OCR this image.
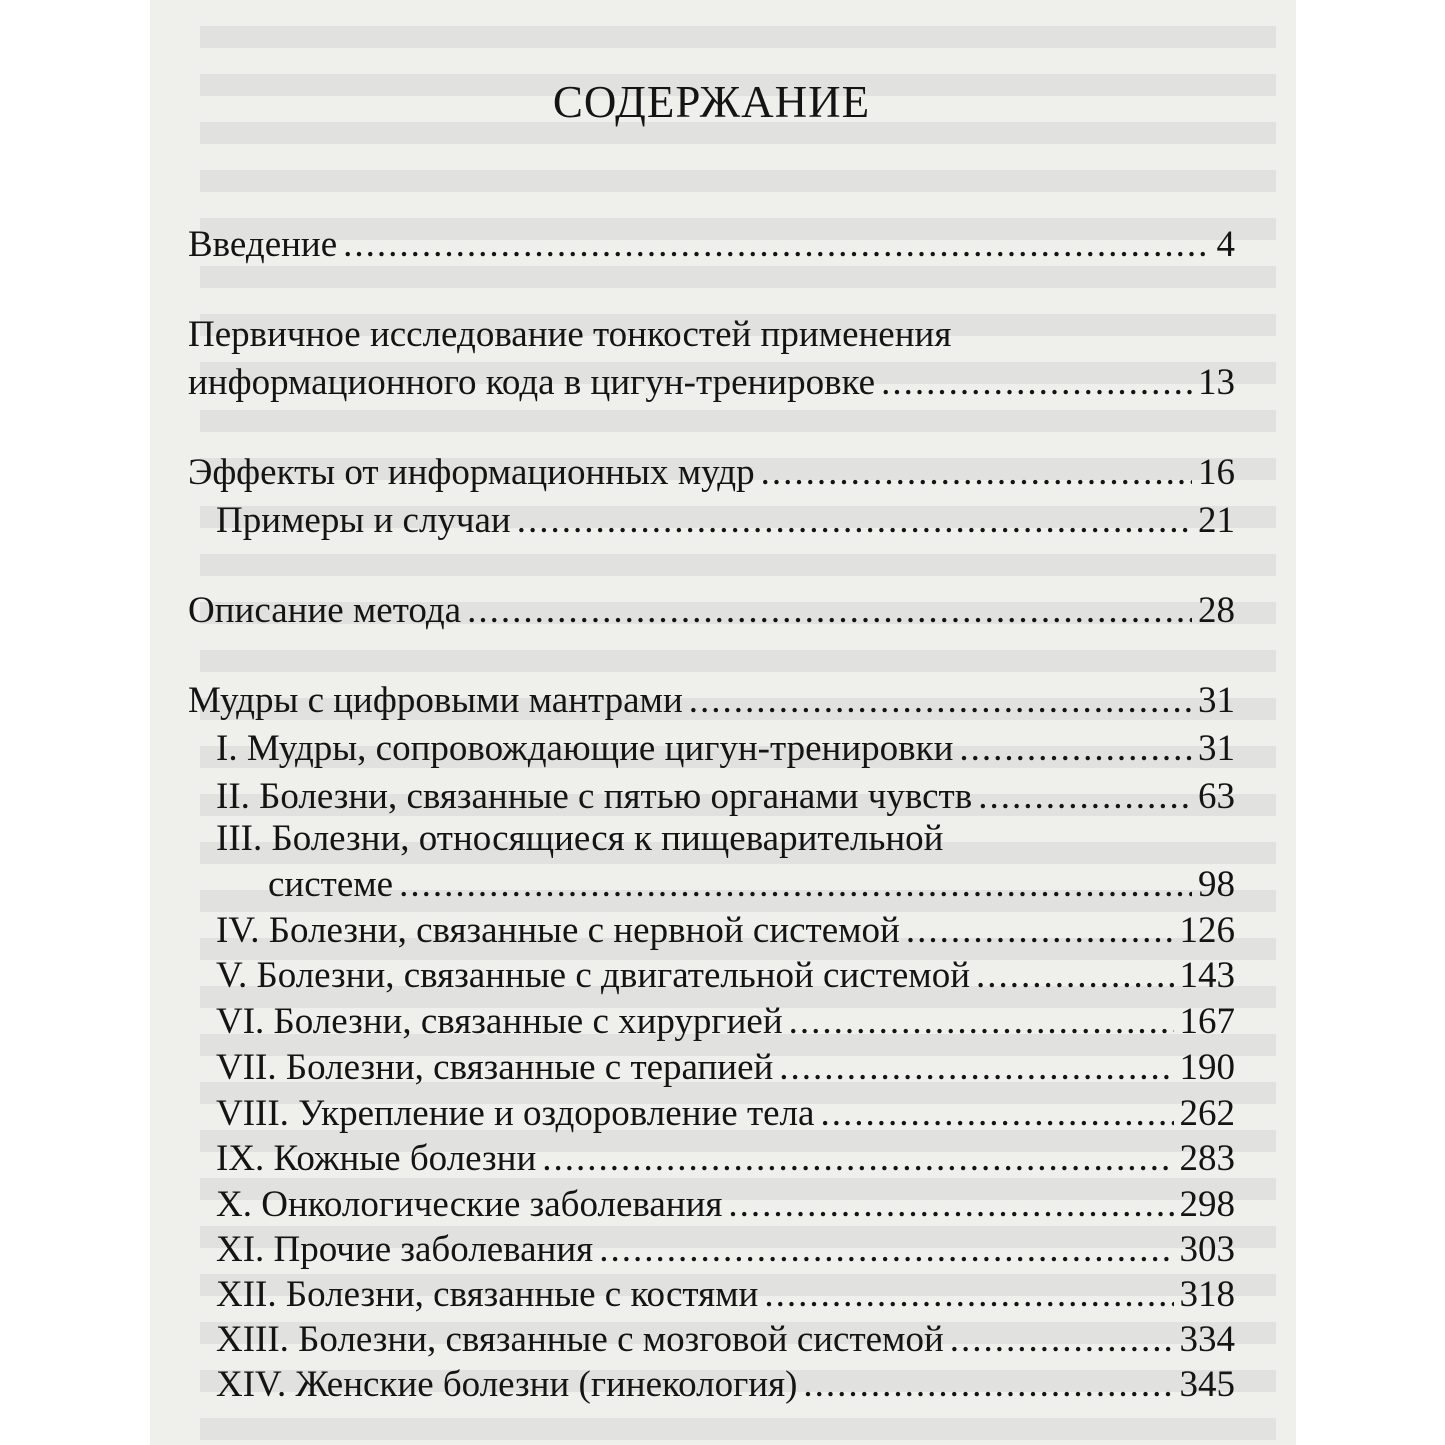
СОДЕРЖАНИЕ
Введение .....	4
Первичное исследование тонкостей применения
информационного кода в цигун-тренировке .....	13
Эффекты от информационных мудр .....	16
Примеры и случаи .....	21
Описание метода .....	28
Мудры с цифровыми мантрами .....	31
I. Мудры, сопровождающие цигун-тренировки .....	31
II. Болезни, связанные с пятью органами чувств .....	63
III. Болезни, относящиеся к пищеварительной
системе .....	98
IV. Болезни, связанные с нервной системой .....	126
V. Болезни, связанные с двигательной системой .....	143
VI. Болезни, связанные с хирургией .....	167
VII. Болезни, связанные с терапией .....	190
VIII. Укрепление и оздоровление тела .....	262
IX. Кожные болезни .....	283
X. Онкологические заболевания .....	298
XI. Прочие заболевания .....	303
XII. Болезни, связанные с костями .....	318
XIII. Болезни, связанные с мозговой системой .....	334
XIV. Женские болезни (гинекология) .....	345
